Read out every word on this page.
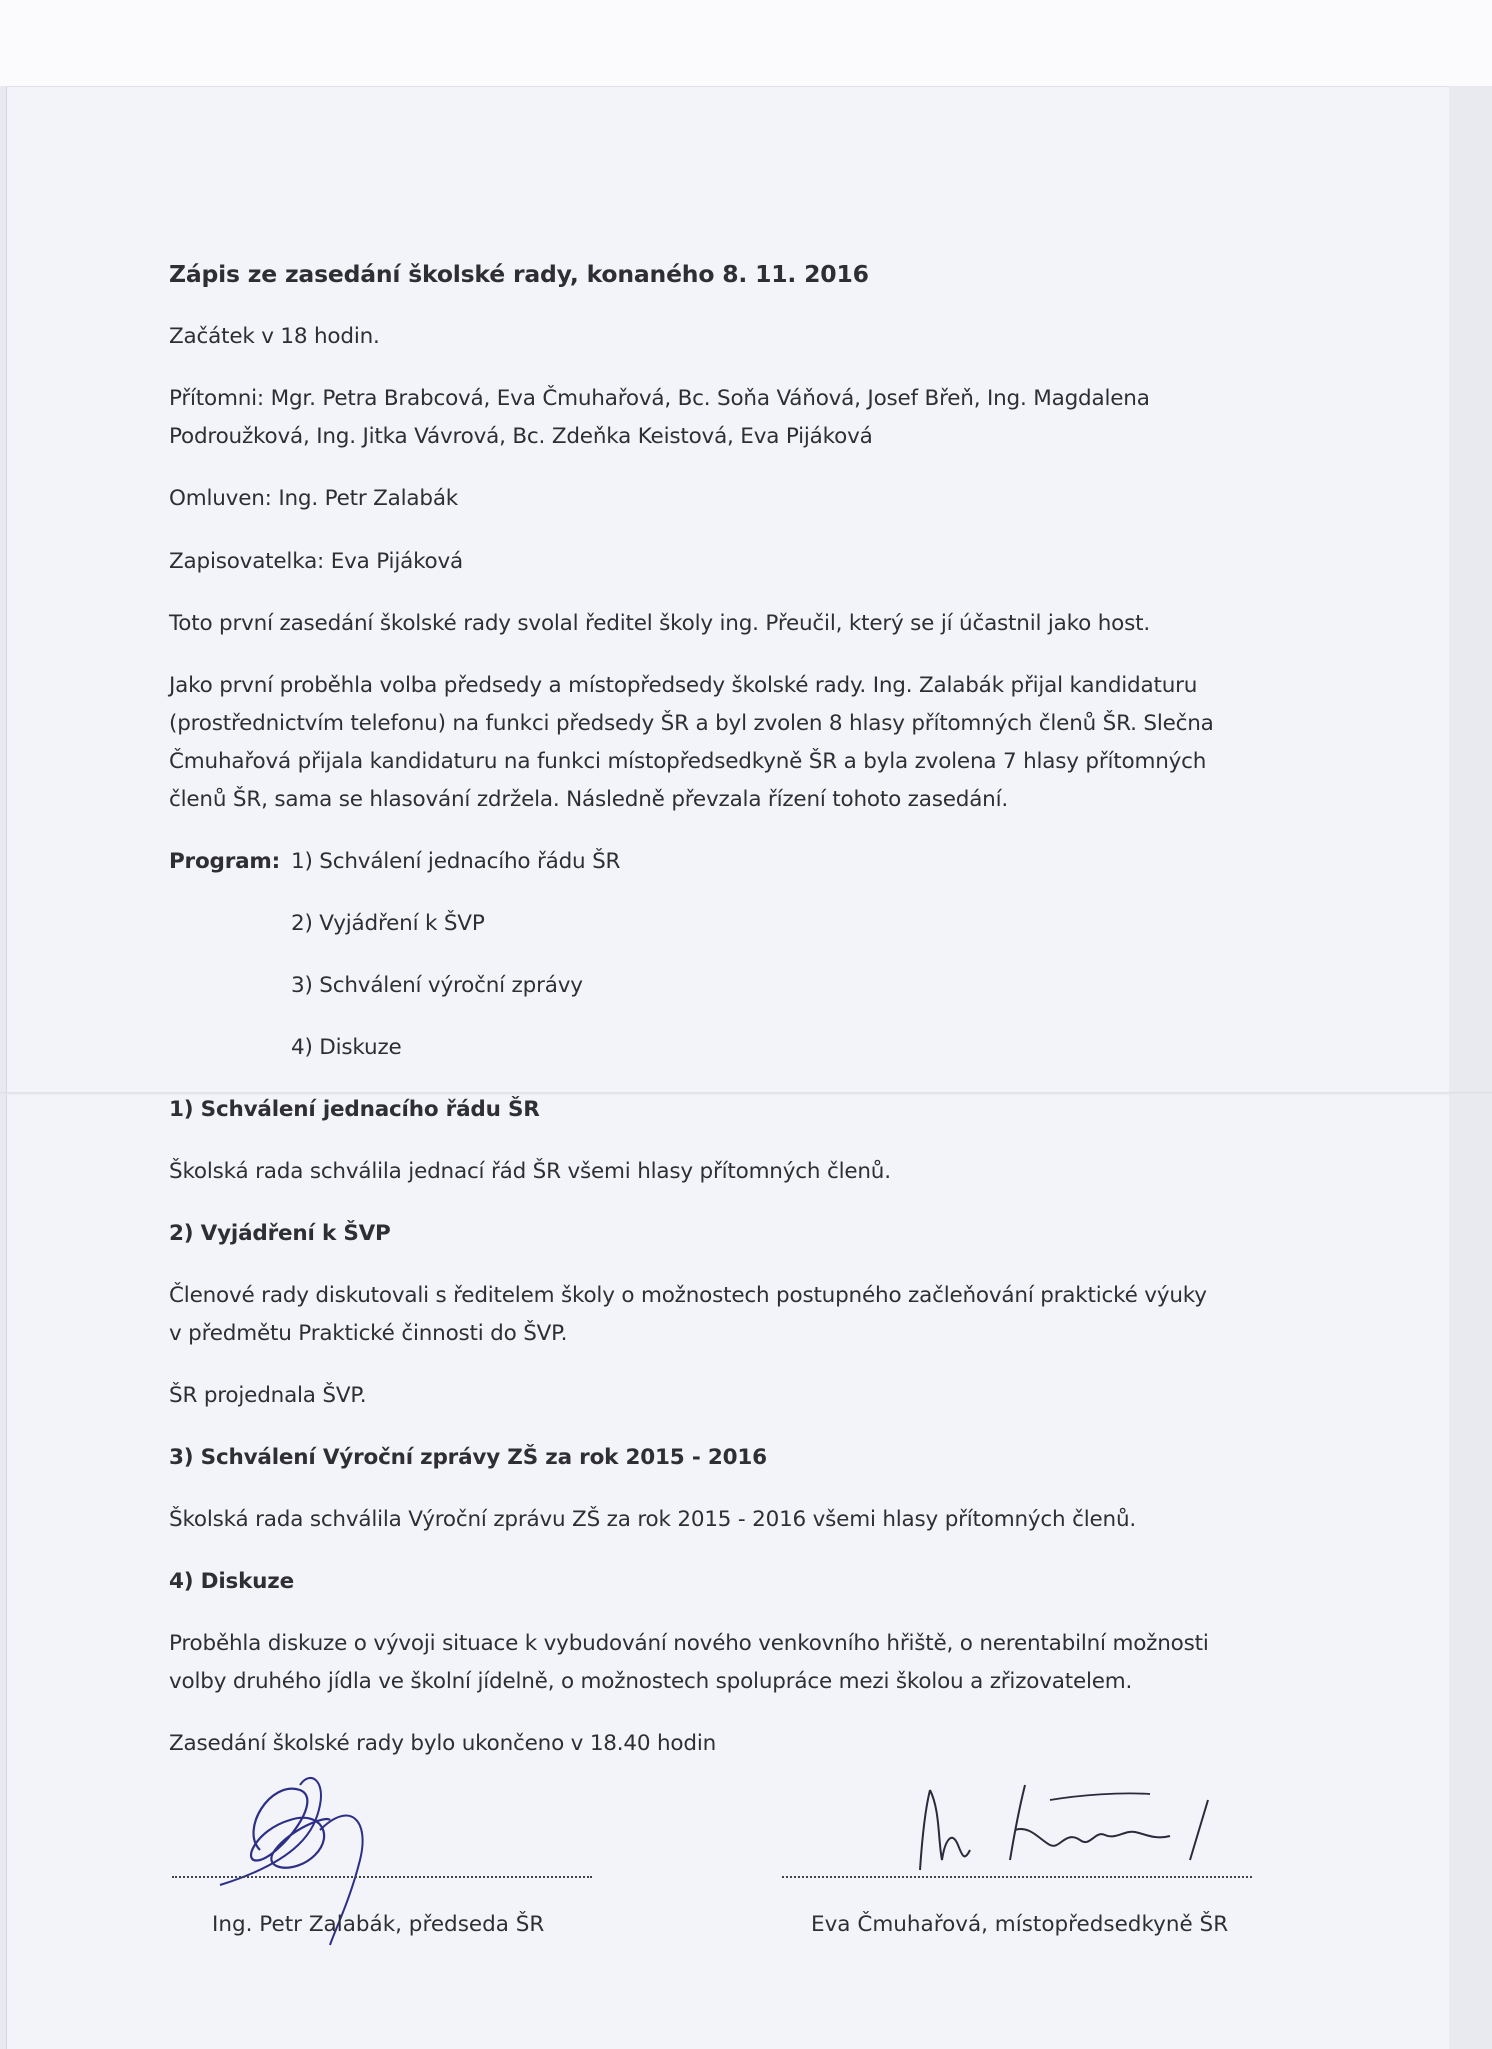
Zápis ze zasedání školské rady, konaného 8. 11. 2016
Začátek v 18 hodin.
Přítomni: Mgr. Petra Brabcová, Eva Čmuhařová, Bc. Soňa Váňová, Josef Břeň, Ing. Magdalena
Podroužková, Ing. Jitka Vávrová, Bc. Zdeňka Keistová, Eva Pijáková
Omluven: Ing. Petr Zalabák
Zapisovatelka: Eva Pijáková
Toto první zasedání školské rady svolal ředitel školy ing. Přeučil, který se jí účastnil jako host.
Jako první proběhla volba předsedy a místopředsedy školské rady. Ing. Zalabák přijal kandidaturu
(prostřednictvím telefonu) na funkci předsedy ŠR a byl zvolen 8 hlasy přítomných členů ŠR. Slečna
Čmuhařová přijala kandidaturu na funkci místopředsedkyně ŠR a byla zvolena 7 hlasy přítomných
členů ŠR, sama se hlasování zdržela. Následně převzala řízení tohoto zasedání.
Program: 1) Schválení jednacího řádu ŠR
2) Vyjádření k ŠVP
3) Schválení výroční zprávy
4) Diskuze
1) Schválení jednacího řádu ŠR
Školská rada schválila jednací řád ŠR všemi hlasy přítomných členů.
2) Vyjádření k ŠVP
Členové rady diskutovali s ředitelem školy o možnostech postupného začleňování praktické výuky
v předmětu Praktické činnosti do ŠVP.
ŠR projednala ŠVP.
3) Schválení Výroční zprávy ZŠ za rok 2015 - 2016
Školská rada schválila Výroční zprávu ZŠ za rok 2015 - 2016 všemi hlasy přítomných členů.
4) Diskuze
Proběhla diskuze o vývoji situace k vybudování nového venkovního hřiště, o nerentabilní možnosti
volby druhého jídla ve školní jídelně, o možnostech spolupráce mezi školou a zřizovatelem.
Zasedání školské rady bylo ukončeno v 18.40 hodin
Ing. Petr Zalabák, předseda ŠR	Eva Čmuhařová, místopředsedkyně ŠR
